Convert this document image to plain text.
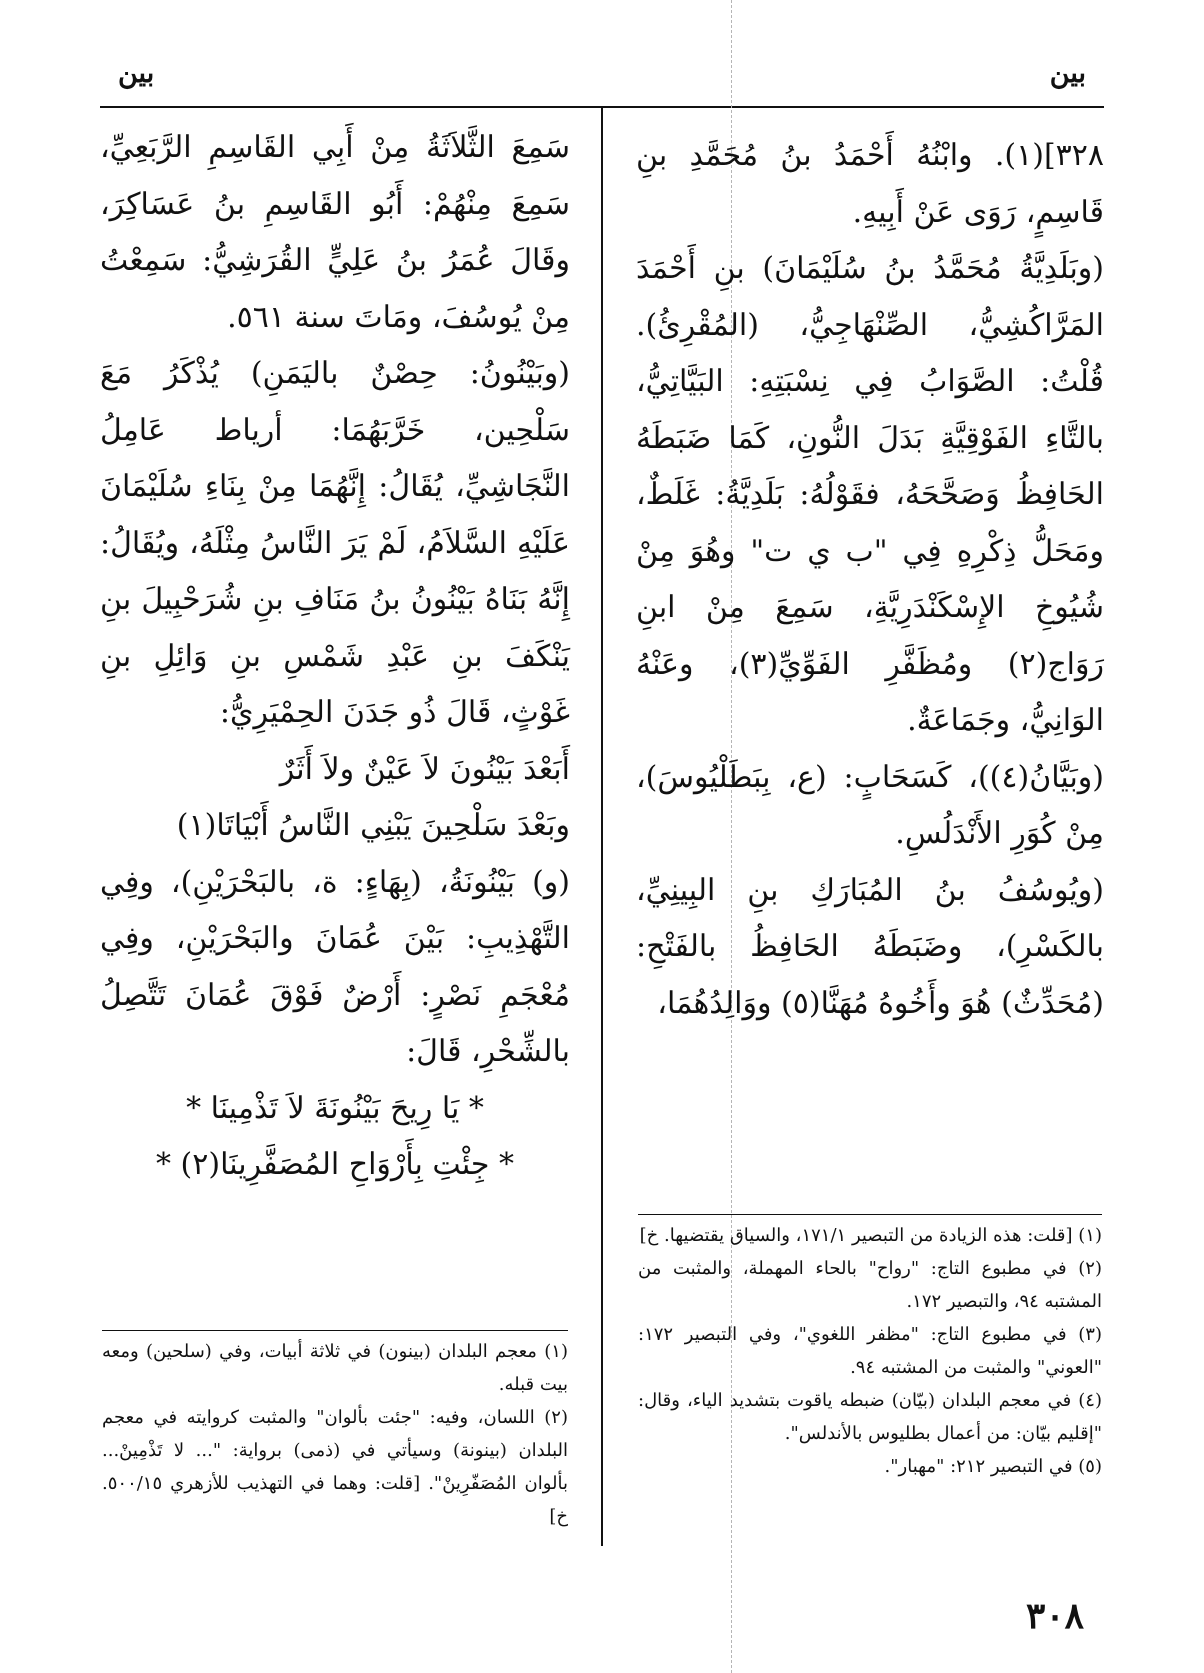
بين	بين

٣٢٨](١). وابْنُهُ أَحْمَدُ بنُ مُحَمَّدِ بنِ قَاسِمٍ، رَوَى عَنْ أَبِيهِ.

(وبَلَدِيَّةُ مُحَمَّدُ بنُ سُلَيْمَانَ) بنِ أَحْمَدَ المَرَّاكُشِيُّ، الصِّنْهَاجِيُّ، (المُقْرِئُ). قُلْتُ: الصَّوَابُ فِي نِسْبَتِهِ: البَيَّاتِيُّ، بالتَّاءِ الفَوْقِيَّةِ بَدَلَ النُّونِ، كَمَا ضَبَطَهُ الحَافِظُ وَصَحَّحَهُ، فقَوْلُهُ: بَلَدِيَّةُ: غَلَطٌ، ومَحَلُّ ذِكْرِهِ فِي "ب ي ت" وهُوَ مِنْ شُيُوخِ الإِسْكَنْدَرِيَّةِ، سَمِعَ مِنْ ابنِ رَوَاج(٢) ومُظَفَّرِ الفَوِّيِّ(٣)، وعَنْهُ الوَانِيُّ، وجَمَاعَةٌ.

(وبَيَّانُ(٤))، كَسَحَابٍ: (ع، بِبَطَلْيُوسَ)، مِنْ كُوَرِ الأَنْدَلُسِ.

(ويُوسُفُ بنُ المُبَارَكِ بنِ البِينِيِّ، بالكَسْرِ)، وضَبَطَهُ الحَافِظُ بالفَتْحِ: (مُحَدِّثٌ) هُوَ وأَخُوهُ مُهَنَّا(٥) ووَالِدُهُمَا،

سَمِعَ الثَّلاَثَةُ مِنْ أَبِي القَاسِمِ الرَّبَعِيِّ، سَمِعَ مِنْهُمْ: أَبُو القَاسِمِ بنُ عَسَاكِرَ، وقَالَ عُمَرُ بنُ عَلِيٍّ القُرَشِيُّ: سَمِعْتُ مِنْ يُوسُفَ، ومَاتَ سنة ٥٦١.

(وبَيْنُونُ: حِصْنٌ باليَمَنِ) يُذْكَرُ مَعَ سَلْحِين، خَرَّبَهُمَا: أرياط عَامِلُ النَّجَاشِيِّ، يُقَالُ: إِنَّهُمَا مِنْ بِنَاءِ سُلَيْمَانَ عَلَيْهِ السَّلاَمُ، لَمْ يَرَ النَّاسُ مِثْلَهُ، ويُقَالُ: إِنَّهُ بَنَاهُ بَيْنُونُ بنُ مَنَافِ بنِ شُرَحْبِيلَ بنِ يَنْكَفَ بنِ عَبْدِ شَمْسِ بنِ وَائِلِ بنِ غَوْثٍ، قَالَ ذُو جَدَنَ الحِمْيَرِيُّ:

أَبَعْدَ بَيْنُونَ لاَ عَيْنٌ ولاَ أَثَرٌ

وبَعْدَ سَلْحِينَ يَبْنِي النَّاسُ أَبْيَاتَا(١)

(و) بَيْنُونَةُ، (بِهَاءٍ: ة، بالبَحْرَيْنِ)، وفِي التَّهْذِيبِ: بَيْنَ عُمَانَ والبَحْرَيْنِ، وفِي مُعْجَمِ نَصْرٍ: أَرْضٌ فَوْقَ عُمَانَ تَتَّصِلُ بالشِّحْرِ، قَالَ:

* يَا رِيحَ بَيْنُونَةَ لاَ تَذْمِينَا *

* جِئْتِ بِأَرْوَاحِ المُصَفَّرِينَا(٢) *

(١) [قلت: هذه الزيادة من التبصير ١٧١/١، والسياق يقتضيها. خ]

(٢) في مطبوع التاج: "رواح" بالحاء المهملة، والمثبت من المشتبه ٩٤، والتبصير ١٧٢.

(٣) في مطبوع التاج: "مظفر اللغوي"، وفي التبصير ١٧٢: "العوني" والمثبت من المشتبه ٩٤.

(٤) في معجم البلدان (بيّان) ضبطه ياقوت بتشديد الياء، وقال: "إقليم بيّان: من أعمال بطليوس بالأندلس".

(٥) في التبصير ٢١٢: "مهبار".

(١) معجم البلدان (بينون) في ثلاثة أبيات، وفي (سلحين) ومعه بيت قبله.

(٢) اللسان، وفيه: "جئت بألوان" والمثبت كروايته في معجم البلدان (بينونة) وسيأتي في (ذمى) برواية: "... لا تَذْمِينْ... بألوان المُصَفّرِينْ". [قلت: وهما في التهذيب للأزهري ٥٠٠/١٥. خ]

٣٠٨
